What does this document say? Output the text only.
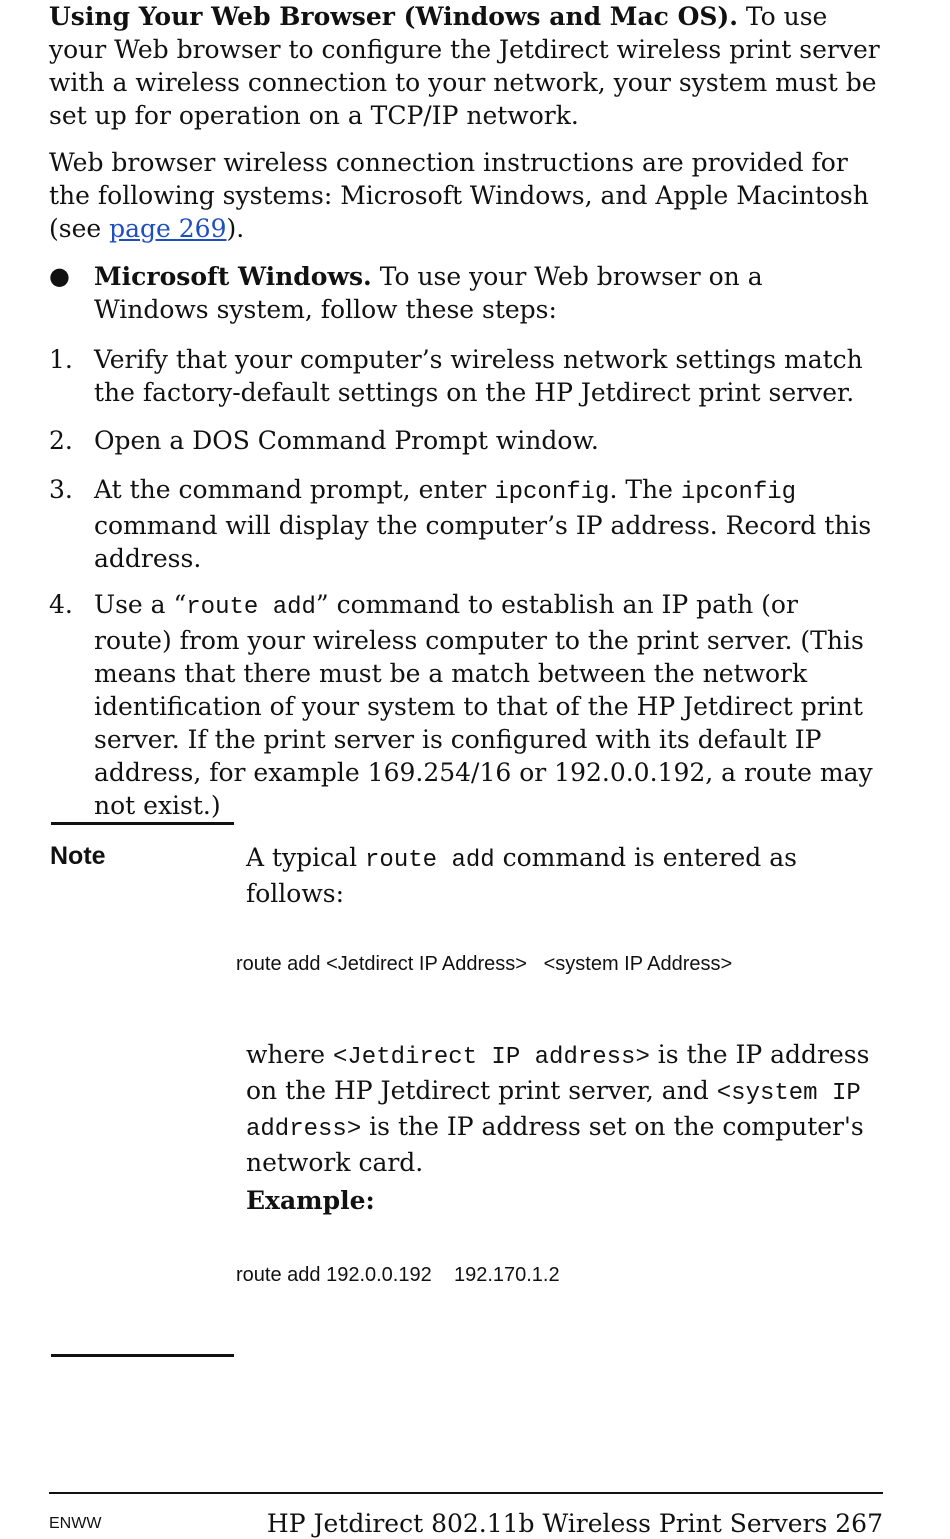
Using Your Web Browser (Windows and Mac OS). To use your Web browser to configure the Jetdirect wireless print server with a wireless connection to your network, your system must be set up for operation on a TCP/IP network.

Web browser wireless connection instructions are provided for the following systems: Microsoft Windows, and Apple Macintosh (see page 269).

● Microsoft Windows. To use your Web browser on a Windows system, follow these steps:

1. Verify that your computer’s wireless network settings match the factory-default settings on the HP Jetdirect print server.

2. Open a DOS Command Prompt window.

3. At the command prompt, enter ipconfig. The ipconfig command will display the computer’s IP address. Record this address.

4. Use a “route add” command to establish an IP path (or route) from your wireless computer to the print server. (This means that there must be a match between the network identification of your system to that of the HP Jetdirect print server. If the print server is configured with its default IP address, for example 169.254/16 or 192.0.0.192, a route may not exist.)

Note	A typical route add command is entered as follows:

route add <Jetdirect IP Address>   <system IP Address>

where <Jetdirect IP address> is the IP address on the HP Jetdirect print server, and <system IP address> is the IP address set on the computer's network card.

Example:
route add 192.0.0.192    192.170.1.2
ENWW	HP Jetdirect 802.11b Wireless Print Servers 267
